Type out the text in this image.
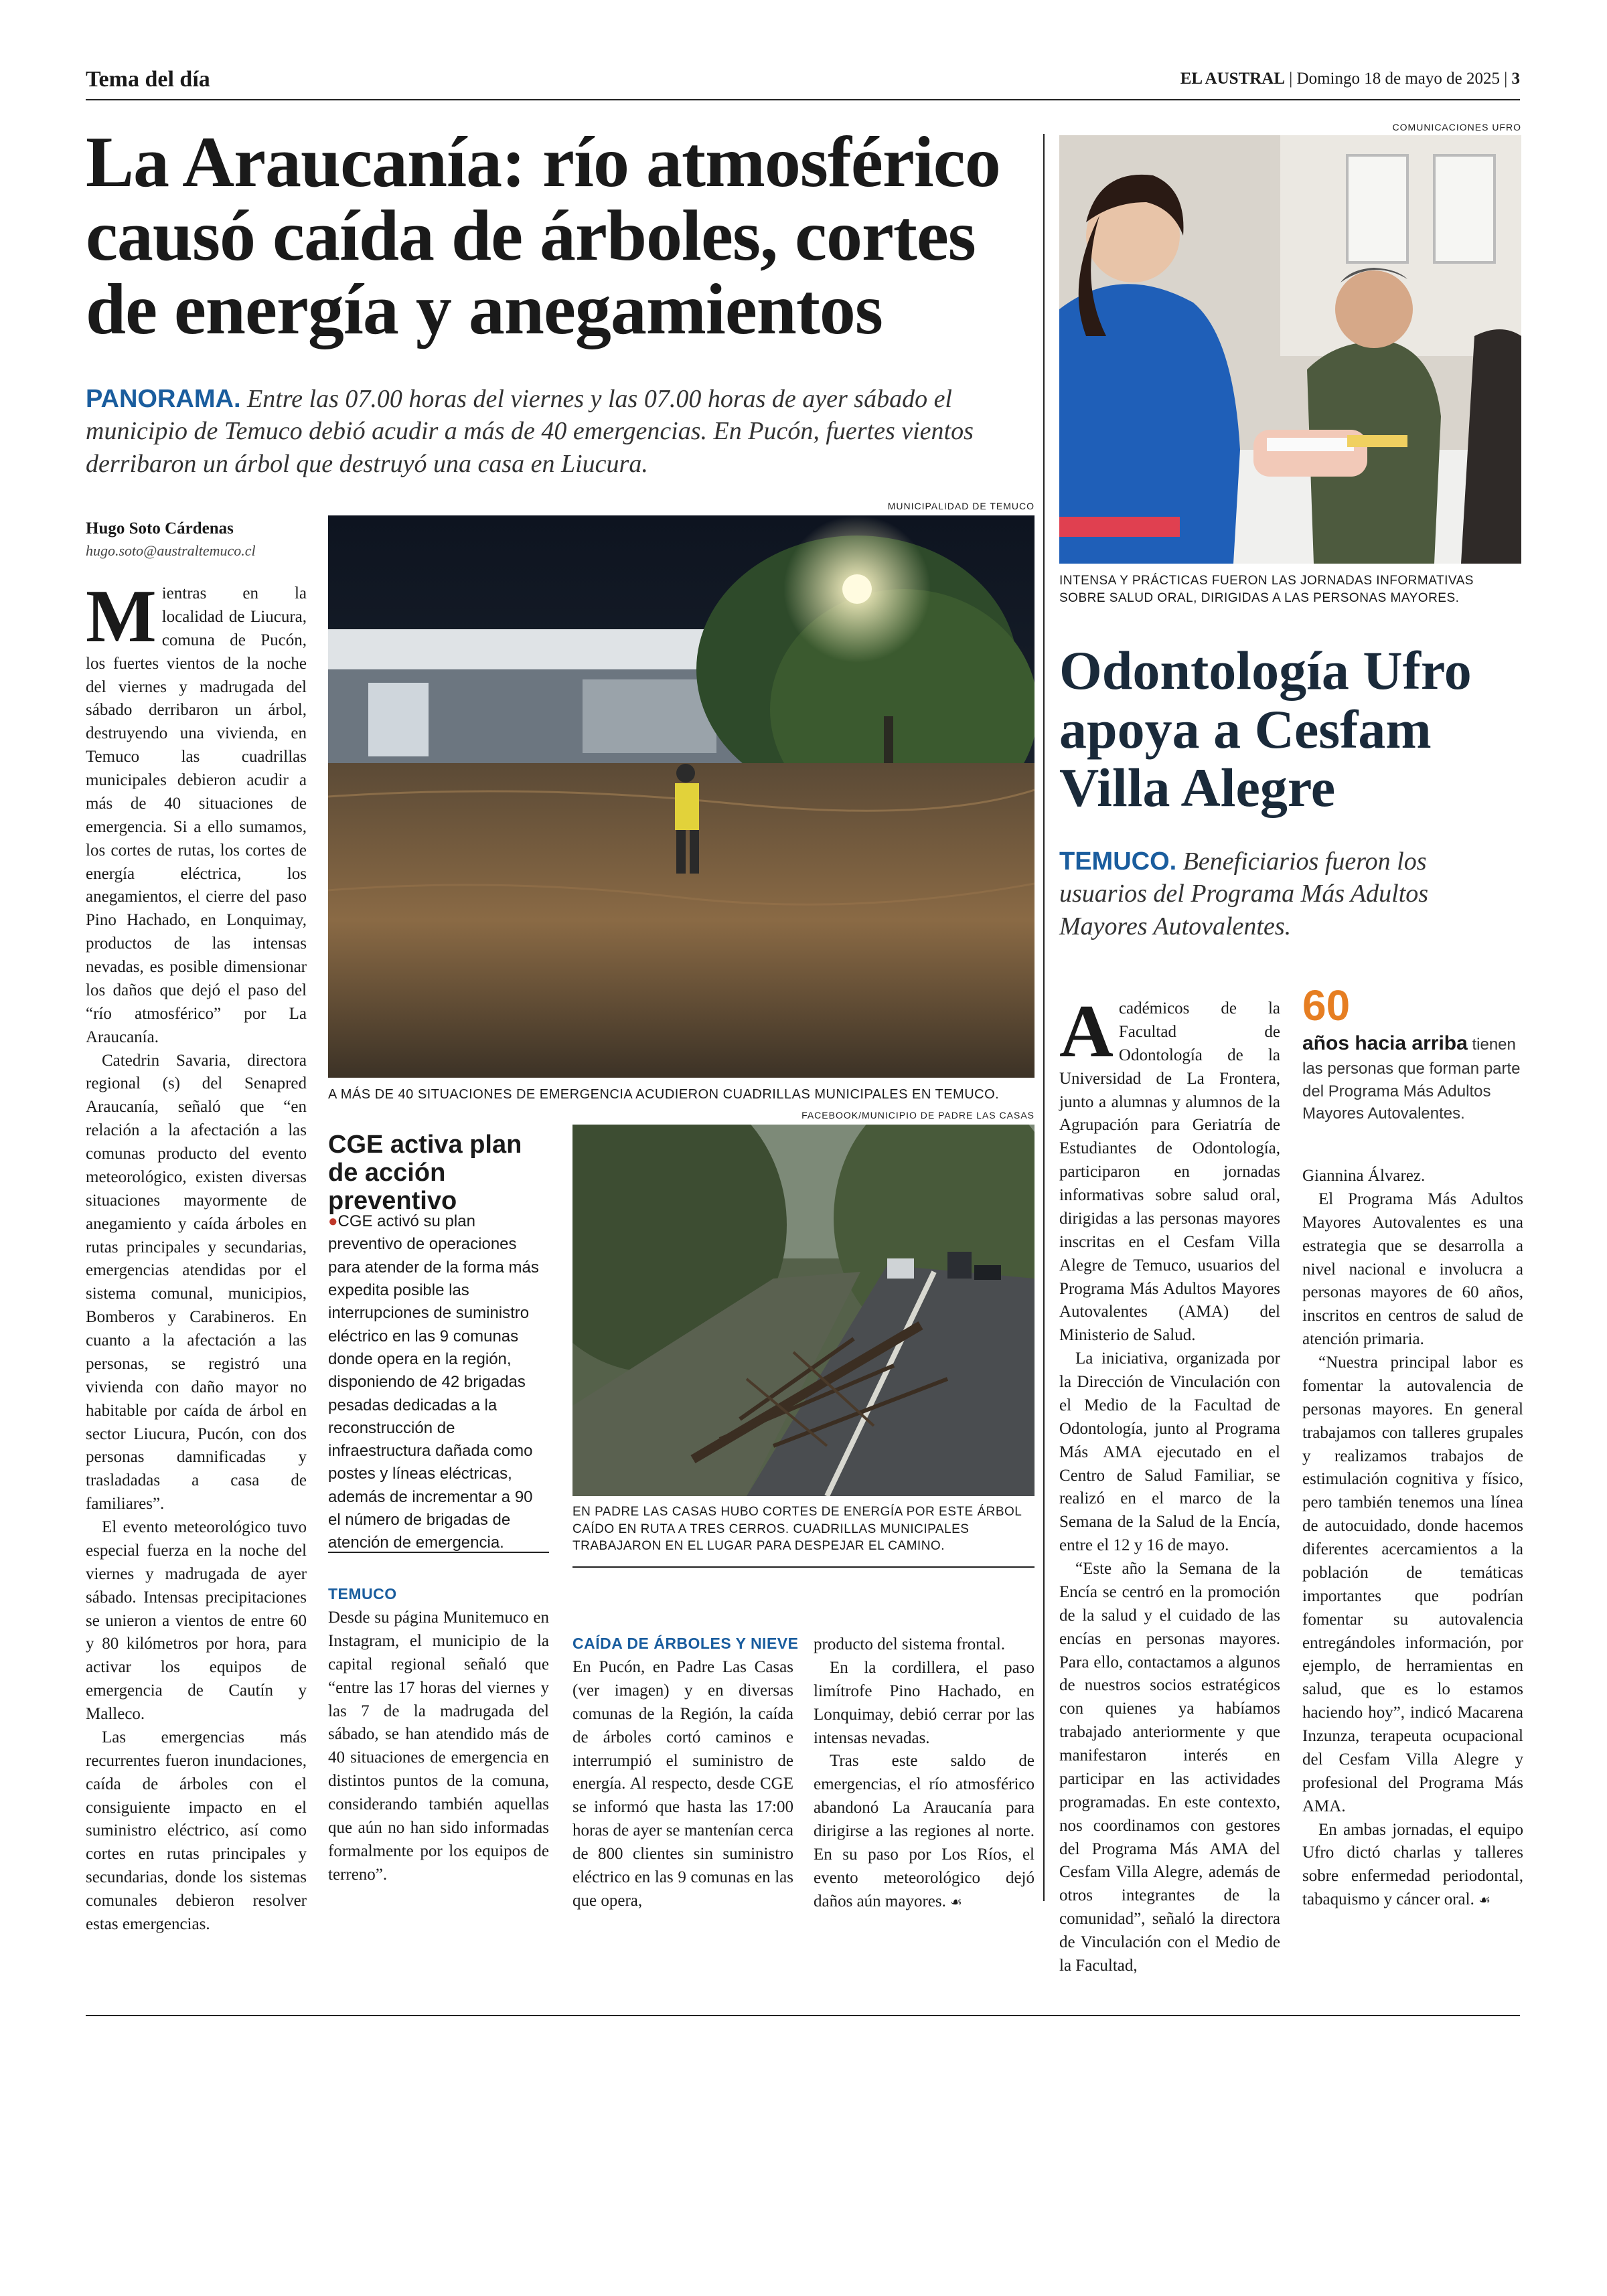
Tema del día	EL AUSTRAL | Domingo 18 de mayo de 2025 | 3
La Araucanía: río atmosférico causó caída de árboles, cortes de energía y anegamientos
PANORAMA. Entre las 07.00 horas del viernes y las 07.00 horas de ayer sábado el municipio de Temuco debió acudir a más de 40 emergencias. En Pucón, fuertes vientos derribaron un árbol que destruyó una casa en Liucura.
Hugo Soto Cárdenas
hugo.soto@australtemuco.cl

Mientras en la localidad de Liucura, comuna de Pucón, los fuertes vientos de la noche del viernes y madrugada del sábado derribaron un árbol, destruyendo una vivienda, en Temuco las cuadrillas municipales debieron acudir a más de 40 situaciones de emergencia. Si a ello sumamos, los cortes de rutas, los cortes de energía eléctrica, los anegamientos, el cierre del paso Pino Hachado, en Lonquimay, productos de las intensas nevadas, es posible dimensionar los daños que dejó el paso del “río atmosférico” por La Araucanía.

Catedrin Savaria, directora regional (s) del Senapred Araucanía, señaló que “en relación a la afectación a las comunas producto del evento meteorológico, existen diversas situaciones mayormente de anegamiento y caída árboles en rutas principales y secundarias, emergencias atendidas por el sistema comunal, municipios, Bomberos y Carabineros. En cuanto a la afectación a las personas, se registró una vivienda con daño mayor no habitable por caída de árbol en sector Liucura, Pucón, con dos personas damnificadas y trasladadas a casa de familiares”.

El evento meteorológico tuvo especial fuerza en la noche del viernes y madrugada de ayer sábado. Intensas precipitaciones se unieron a vientos de entre 60 y 80 kilómetros por hora, para activar los equipos de emergencia de Cautín y Malleco.

Las emergencias más recurrentes fueron inundaciones, caída de árboles con el consiguiente impacto en el suministro eléctrico, así como cortes en rutas principales y secundarias, donde los sistemas comunales debieron resolver estas emergencias.

MUNICIPALIDAD DE TEMUCO
A MÁS DE 40 SITUACIONES DE EMERGENCIA ACUDIERON CUADRILLAS MUNICIPALES EN TEMUCO.
CGE activa plan de acción preventivo

●CGE activó su plan preventivo de operaciones para atender de la forma más expedita posible las interrupciones de suministro eléctrico en las 9 comunas donde opera en la región, disponiendo de 42 brigadas pesadas dedicadas a la reconstrucción de infraestructura dañada como postes y líneas eléctricas, además de incrementar a 90 el número de brigadas de atención de emergencia.

TEMUCO

Desde su página Munitemuco en Instagram, el municipio de la capital regional señaló que “entre las 17 horas del viernes y las 7 de la madrugada del sábado, se han atendido más de 40 situaciones de emergencia en distintos puntos de la comuna, considerando también aquellas que aún no han sido informadas formalmente por los equipos de terreno”.

FACEBOOK/MUNICIPIO DE PADRE LAS CASAS
EN PADRE LAS CASAS HUBO CORTES DE ENERGÍA POR ESTE ÁRBOL CAÍDO EN RUTA A TRES CERROS. CUADRILLAS MUNICIPALES TRABAJARON EN EL LUGAR PARA DESPEJAR EL CAMINO.
CAÍDA DE ÁRBOLES Y NIEVE

En Pucón, en Padre Las Casas (ver imagen) y en diversas comunas de la Región, la caída de árboles cortó caminos e interrumpió el suministro de energía. Al respecto, desde CGE se informó que hasta las 17:00 horas de ayer se mantenían cerca de 800 clientes sin suministro eléctrico en las 9 comunas en las que opera,

producto del sistema frontal.

En la cordillera, el paso limítrofe Pino Hachado, en Lonquimay, debió cerrar por las intensas nevadas.

Tras este saldo de emergencias, el río atmosférico abandonó La Araucanía para dirigirse a las regiones al norte. En su paso por Los Ríos, el evento meteorológico dejó daños aún mayores. ☙

COMUNICACIONES UFRO
INTENSA Y PRÁCTICAS FUERON LAS JORNADAS INFORMATIVAS SOBRE SALUD ORAL, DIRIGIDAS A LAS PERSONAS MAYORES.
Odontología Ufro apoya a Cesfam Villa Alegre
TEMUCO. Beneficiarios fueron los usuarios del Programa Más Adultos Mayores Autovalentes.

Académicos de la Facultad de Odontología de la Universidad de La Frontera, junto a alumnas y alumnos de la Agrupación para Geriatría de Estudiantes de Odontología, participaron en jornadas informativas sobre salud oral, dirigidas a las personas mayores inscritas en el Cesfam Villa Alegre de Temuco, usuarios del Programa Más Adultos Mayores Autovalentes (AMA) del Ministerio de Salud.

La iniciativa, organizada por la Dirección de Vinculación con el Medio de la Facultad de Odontología, junto al Programa Más AMA ejecutado en el Centro de Salud Familiar, se realizó en el marco de la Semana de la Salud de la Encía, entre el 12 y 16 de mayo.

“Este año la Semana de la Encía se centró en la promoción de la salud y el cuidado de las encías en personas mayores. Para ello, contactamos a algunos de nuestros socios estratégicos con quienes ya habíamos trabajado anteriormente y que manifestaron interés en participar en las actividades programadas. En este contexto, nos coordinamos con gestores del Programa Más AMA del Cesfam Villa Alegre, además de otros integrantes de la comunidad”, señaló la directora de Vinculación con el Medio de la Facultad,

60
años hacia arriba tienen las personas que forman parte del Programa Más Adultos Mayores Autovalentes.

Giannina Álvarez.

El Programa Más Adultos Mayores Autovalentes es una estrategia que se desarrolla a nivel nacional e involucra a personas mayores de 60 años, inscritos en centros de salud de atención primaria.

“Nuestra principal labor es fomentar la autovalencia de personas mayores. En general trabajamos con talleres grupales y realizamos trabajos de estimulación cognitiva y físico, pero también tenemos una línea de autocuidado, donde hacemos diferentes acercamientos a la población de temáticas importantes que podrían fomentar su autovalencia entregándoles información, por ejemplo, de herramientas en salud, que es lo estamos haciendo hoy”, indicó Macarena Inzunza, terapeuta ocupacional del Cesfam Villa Alegre y profesional del Programa Más AMA.

En ambas jornadas, el equipo Ufro dictó charlas y talleres sobre enfermedad periodontal, tabaquismo y cáncer oral. ☙
